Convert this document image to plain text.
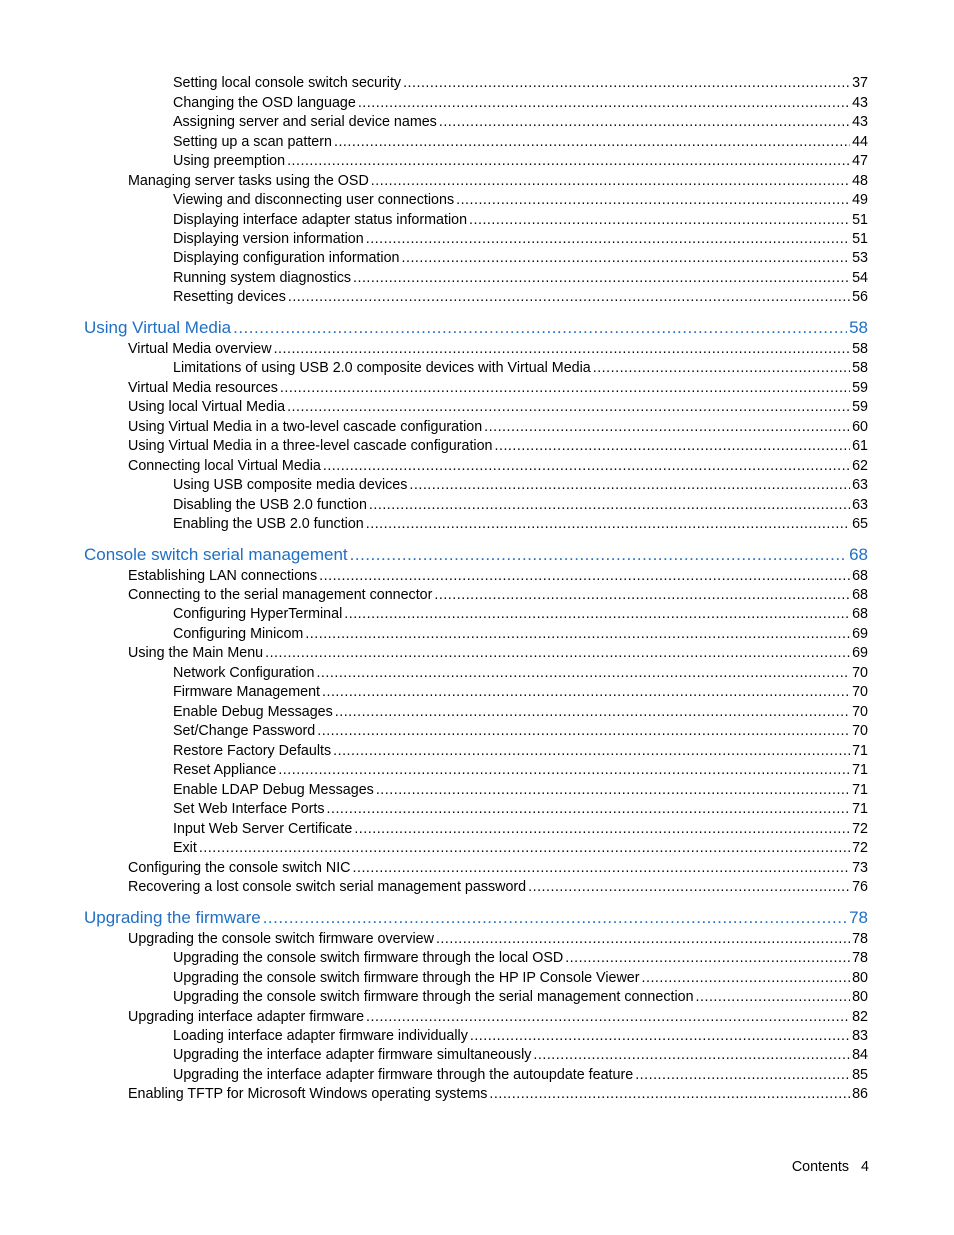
Setting local console switch security .....	37
Changing the OSD language .....	43
Assigning server and serial device names .....	43
Setting up a scan pattern .....	44
Using preemption .....	47
Managing server tasks using the OSD .....	48
Viewing and disconnecting user connections .....	49
Displaying interface adapter status information .....	51
Displaying version information .....	51
Displaying configuration information .....	53
Running system diagnostics .....	54
Resetting devices .....	56
Using Virtual Media .....	58
Virtual Media overview .....	58
Limitations of using USB 2.0 composite devices with Virtual Media .....	58
Virtual Media resources .....	59
Using local Virtual Media .....	59
Using Virtual Media in a two-level cascade configuration .....	60
Using Virtual Media in a three-level cascade configuration .....	61
Connecting local Virtual Media .....	62
Using USB composite media devices .....	63
Disabling the USB 2.0 function .....	63
Enabling the USB 2.0 function .....	65
Console switch serial management .....	68
Establishing LAN connections .....	68
Connecting to the serial management connector .....	68
Configuring HyperTerminal .....	68
Configuring Minicom .....	69
Using the Main Menu .....	69
Network Configuration .....	70
Firmware Management .....	70
Enable Debug Messages .....	70
Set/Change Password .....	70
Restore Factory Defaults .....	71
Reset Appliance .....	71
Enable LDAP Debug Messages .....	71
Set Web Interface Ports .....	71
Input Web Server Certificate .....	72
Exit .....	72
Configuring the console switch NIC .....	73
Recovering a lost console switch serial management password .....	76
Upgrading the firmware .....	78
Upgrading the console switch firmware overview .....	78
Upgrading the console switch firmware through the local OSD .....	78
Upgrading the console switch firmware through the HP IP Console Viewer .....	80
Upgrading the console switch firmware through the serial management connection .....	80
Upgrading interface adapter firmware .....	82
Loading interface adapter firmware individually .....	83
Upgrading the interface adapter firmware simultaneously .....	84
Upgrading the interface adapter firmware through the autoupdate feature .....	85
Enabling TFTP for Microsoft Windows operating systems .....	86
Contents 4
